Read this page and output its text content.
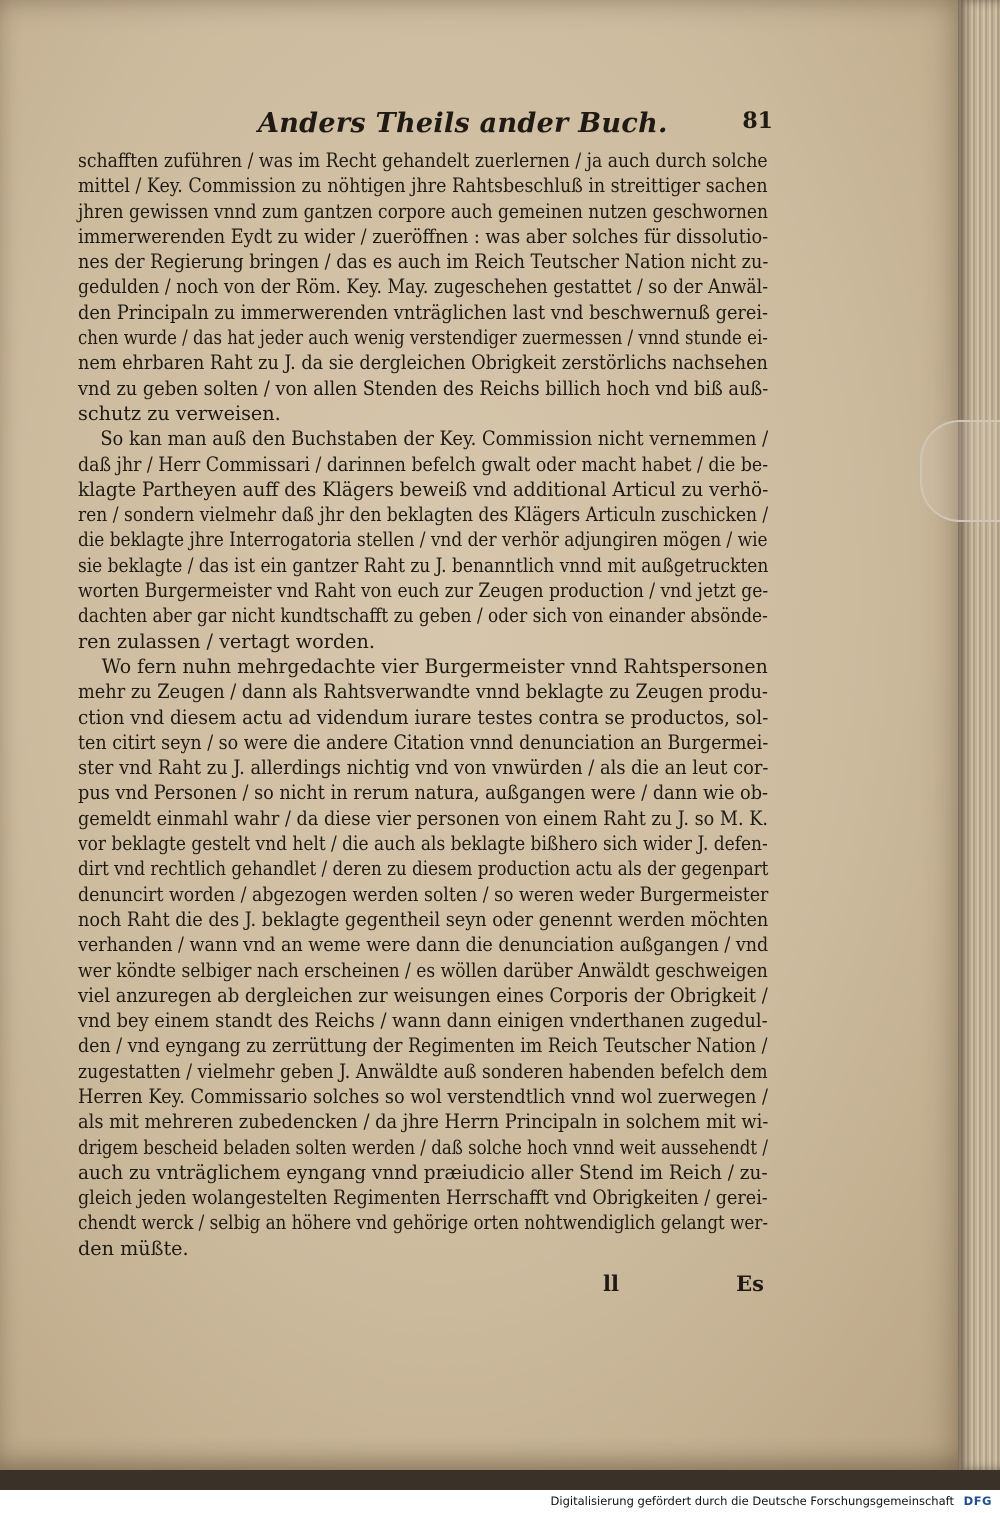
Anders Theils ander Buch.	81
schafften zuführen / was im Recht gehandelt zuerlernen / ja auch durch solche
mittel / Key. Commission zu nöhtigen jhre Rahtsbeschluß in streittiger sachen
jhren gewissen vnnd zum gantzen corpore auch gemeinen nutzen geschwornen
immerwerenden Eydt zu wider / zueröffnen : was aber solches für dissolutio-
nes der Regierung bringen / das es auch im Reich Teutscher Nation nicht zu-
gedulden / noch von der Röm. Key. May. zugeschehen gestattet / so der Anwäl-
den Principaln zu immerwerenden vnträglichen last vnd beschwernuß gerei-
chen wurde / das hat jeder auch wenig verstendiger zuermessen / vnnd stunde ei-
nem ehrbaren Raht zu J. da sie dergleichen Obrigkeit zerstörlichs nachsehen
vnd zu geben solten / von allen Stenden des Reichs billich hoch vnd biß auß-
schutz zu verweisen.
So kan man auß den Buchstaben der Key. Commission nicht vernemmen /
daß jhr / Herr Commissari / darinnen befelch gwalt oder macht habet / die be-
klagte Partheyen auff des Klägers beweiß vnd additional Articul zu verhö-
ren / sondern vielmehr daß jhr den beklagten des Klägers Articuln zuschicken /
die beklagte jhre Interrogatoria stellen / vnd der verhör adjungiren mögen / wie
sie beklagte / das ist ein gantzer Raht zu J. benanntlich vnnd mit außgetruckten
worten Burgermeister vnd Raht von euch zur Zeugen production / vnd jetzt ge-
dachten aber gar nicht kundtschafft zu geben / oder sich von einander absönde-
ren zulassen / vertagt worden.
Wo fern nuhn mehrgedachte vier Burgermeister vnnd Rahtspersonen
mehr zu Zeugen / dann als Rahtsverwandte vnnd beklagte zu Zeugen produ-
ction vnd diesem actu ad videndum iurare testes contra se productos, sol-
ten citirt seyn / so were die andere Citation vnnd denunciation an Burgermei-
ster vnd Raht zu J. allerdings nichtig vnd von vnwürden / als die an leut cor-
pus vnd Personen / so nicht in rerum natura, außgangen were / dann wie ob-
gemeldt einmahl wahr / da diese vier personen von einem Raht zu J. so M. K.
vor beklagte gestelt vnd helt / die auch als beklagte bißhero sich wider J. defen-
dirt vnd rechtlich gehandlet / deren zu diesem production actu als der gegenpart
denuncirt worden / abgezogen werden solten / so weren weder Burgermeister
noch Raht die des J. beklagte gegentheil seyn oder genennt werden möchten
verhanden / wann vnd an weme were dann die denunciation außgangen / vnd
wer köndte selbiger nach erscheinen / es wöllen darüber Anwäldt geschweigen
viel anzuregen ab dergleichen zur weisungen eines Corporis der Obrigkeit /
vnd bey einem standt des Reichs / wann dann einigen vnderthanen zugedul-
den / vnd eyngang zu zerrüttung der Regimenten im Reich Teutscher Nation /
zugestatten / vielmehr geben J. Anwäldte auß sonderen habenden befelch dem
Herren Key. Commissario solches so wol verstendtlich vnnd wol zuerwegen /
als mit mehreren zubedencken / da jhre Herrn Principaln in solchem mit wi-
drigem bescheid beladen solten werden / daß solche hoch vnnd weit aussehendt /
auch zu vnträglichem eyngang vnnd præiudicio aller Stend im Reich / zu-
gleich jeden wolangestelten Regimenten Herrschafft vnd Obrigkeiten / gerei-
chendt werck / selbig an höhere vnd gehörige orten nohtwendiglich gelangt wer-
den müßte.
ll	Es
Digitalisierung gefördert durch die Deutsche Forschungsgemeinschaft DFG
